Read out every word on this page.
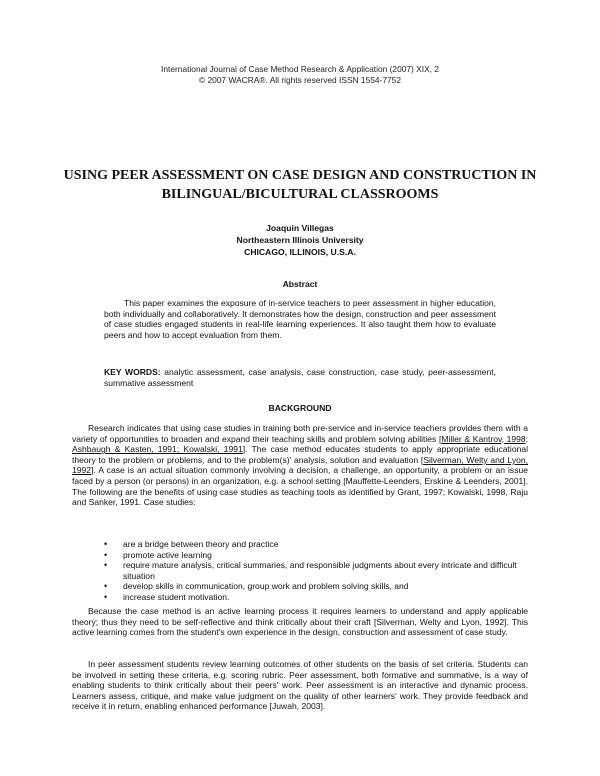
International Journal of Case Method Research & Application (2007) XIX, 2
© 2007 WACRA®. All rights reserved ISSN 1554-7752
USING PEER ASSESSMENT ON CASE DESIGN AND CONSTRUCTION IN BILINGUAL/BICULTURAL CLASSROOMS
Joaquin Villegas
Northeastern Illinois University
CHICAGO, ILLINOIS, U.S.A.
Abstract

This paper examines the exposure of in-service teachers to peer assessment in higher education, both individually and collaboratively. It demonstrates how the design, construction and peer assessment of case studies engaged students in real-life learning experiences. It also taught them how to evaluate peers and how to accept evaluation from them.

KEY WORDS: analytic assessment, case analysis, case construction, case study, peer-assessment, summative assessment

BACKGROUND

Research indicates that using case studies in training both pre-service and in-service teachers provides them with a variety of opportunities to broaden and expand their teaching skills and problem solving abilities [Miller & Kantrov, 1998; Ashbaugh & Kasten, 1991; Kowalski, 1991]. The case method educates students to apply appropriate educational theory to the problem or problems, and to the problem(s)' analysis, solution and evaluation [Silverman, Welty and Lyon, 1992]. A case is an actual situation commonly involving a decision, a challenge, an opportunity, a problem or an issue faced by a person (or persons) in an organization, e.g. a school setting [Mauffette-Leenders, Erskine & Leenders, 2001]. The following are the benefits of using case studies as teaching tools as identified by Grant, 1997; Kowalski, 1998, Raju and Sanker, 1991. Case studies:

• are a bridge between theory and practice
• promote active learning
• require mature analysis, critical summaries, and responsible judgments about every intricate and difficult situation
• develop skills in communication, group work and problem solving skills, and
• increase student motivation.

Because the case method is an active learning process it requires learners to understand and apply applicable theory; thus they need to be self-reflective and think critically about their craft [Silverman, Welty and Lyon, 1992]. This active learning comes from the student's own experience in the design, construction and assessment of case study.

In peer assessment students review learning outcomes of other students on the basis of set criteria. Students can be involved in setting these criteria, e.g. scoring rubric. Peer assessment, both formative and summative, is a way of enabling students to think critically about their peers' work. Peer assessment is an interactive and dynamic process. Learners assess, critique, and make value judgment on the quality of other learners' work. They provide feedback and receive it in return, enabling enhanced performance [Juwah, 2003].
